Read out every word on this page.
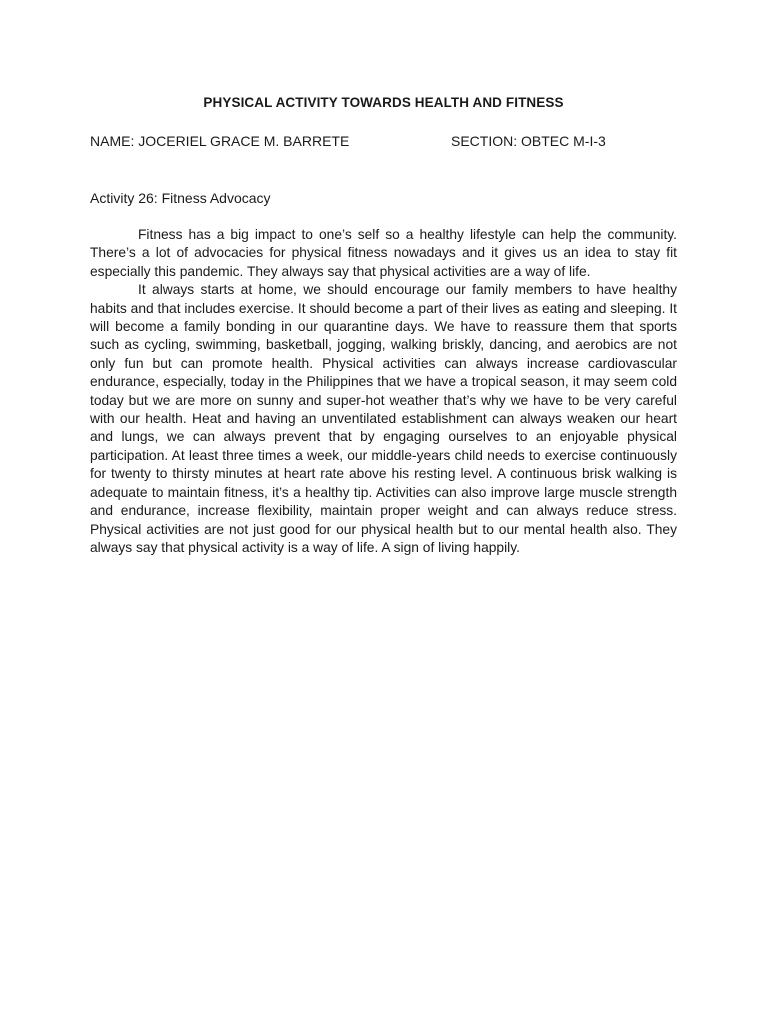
PHYSICAL ACTIVITY TOWARDS HEALTH AND FITNESS
NAME: JOCERIEL GRACE M. BARRETE	SECTION: OBTEC M-I-3
Activity 26: Fitness Advocacy

Fitness has a big impact to one’s self so a healthy lifestyle can help the community. There’s a lot of advocacies for physical fitness nowadays and it gives us an idea to stay fit especially this pandemic. They always say that physical activities are a way of life.

It always starts at home, we should encourage our family members to have healthy habits and that includes exercise. It should become a part of their lives as eating and sleeping. It will become a family bonding in our quarantine days. We have to reassure them that sports such as cycling, swimming, basketball, jogging, walking briskly, dancing, and aerobics are not only fun but can promote health. Physical activities can always increase cardiovascular endurance, especially, today in the Philippines that we have a tropical season, it may seem cold today but we are more on sunny and super-hot weather that’s why we have to be very careful with our health. Heat and having an unventilated establishment can always weaken our heart and lungs, we can always prevent that by engaging ourselves to an enjoyable physical participation. At least three times a week, our middle-years child needs to exercise continuously for twenty to thirsty minutes at heart rate above his resting level. A continuous brisk walking is adequate to maintain fitness, it’s a healthy tip. Activities can also improve large muscle strength and endurance, increase flexibility, maintain proper weight and can always reduce stress. Physical activities are not just good for our physical health but to our mental health also. They always say that physical activity is a way of life. A sign of living happily.
